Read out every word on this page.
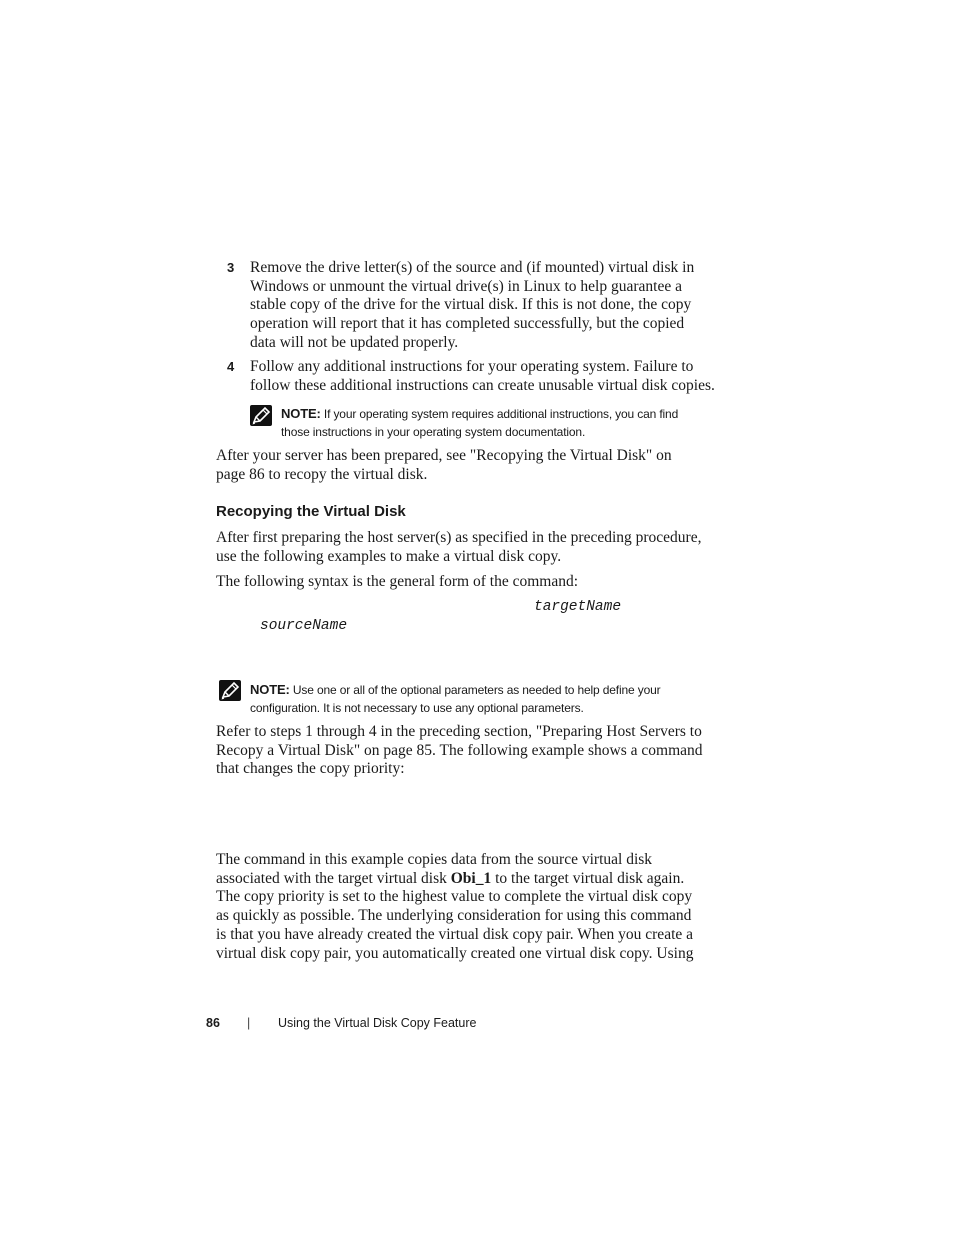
3 Remove the drive letter(s) of the source and (if mounted) virtual disk in
Windows or unmount the virtual drive(s) in Linux to help guarantee a
stable copy of the drive for the virtual disk. If this is not done, the copy
operation will report that it has completed successfully, but the copied
data will not be updated properly.
4 Follow any additional instructions for your operating system. Failure to
follow these additional instructions can create unusable virtual disk copies.
NOTE: If your operating system requires additional instructions, you can find
those instructions in your operating system documentation.
After your server has been prepared, see "Recopying the Virtual Disk" on
page 86 to recopy the virtual disk.
Recopying the Virtual Disk
After first preparing the host server(s) as specified in the preceding procedure,
use the following examples to make a virtual disk copy.
The following syntax is the general form of the command:
targetName
sourceName
NOTE: Use one or all of the optional parameters as needed to help define your
configuration. It is not necessary to use any optional parameters.
Refer to steps 1 through 4 in the preceding section, "Preparing Host Servers to
Recopy a Virtual Disk" on page 85. The following example shows a command
that changes the copy priority:
The command in this example copies data from the source virtual disk
associated with the target virtual disk Obi_1 to the target virtual disk again.
The copy priority is set to the highest value to complete the virtual disk copy
as quickly as possible. The underlying consideration for using this command
is that you have already created the virtual disk copy pair. When you create a
virtual disk copy pair, you automatically created one virtual disk copy. Using
86 | Using the Virtual Disk Copy Feature
